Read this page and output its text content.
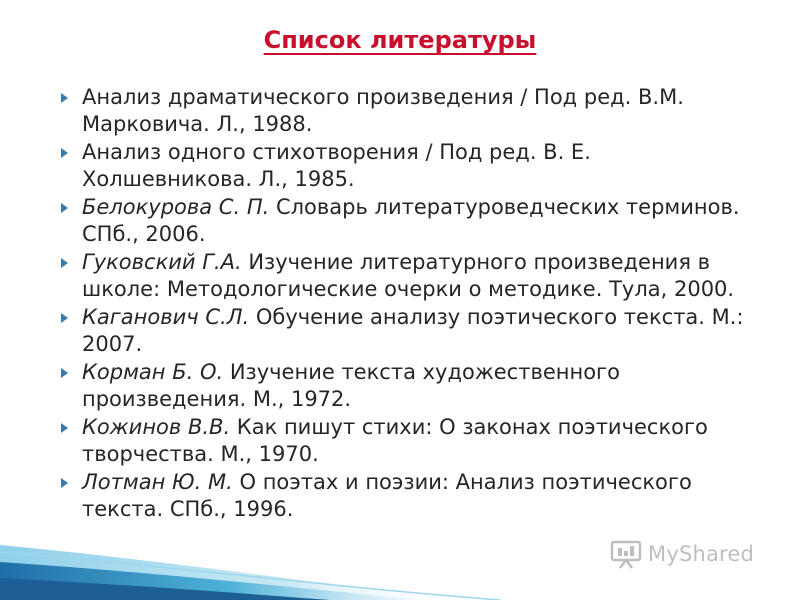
Список литературы
Анализ драматического произведения / Под ред. В.М. Марковича. Л., 1988.
Анализ одного стихотворения / Под ред. В. Е. Холшевникова. Л., 1985.
Белокурова С. П. Словарь литературоведческих терминов. СПб., 2006.
Гуковский Г.А. Изучение литературного произведения в школе: Методологические очерки о методике. Тула, 2000.
Каганович С.Л. Обучение анализу поэтического текста. М.: 2007.
Корман Б. О. Изучение текста художественного произведения. М., 1972.
Кожинов В.В. Как пишут стихи: О законах поэтического творчества. М., 1970.
Лотман Ю. М. О поэтах и поэзии: Анализ поэтического текста. СПб., 1996.
MyShared
